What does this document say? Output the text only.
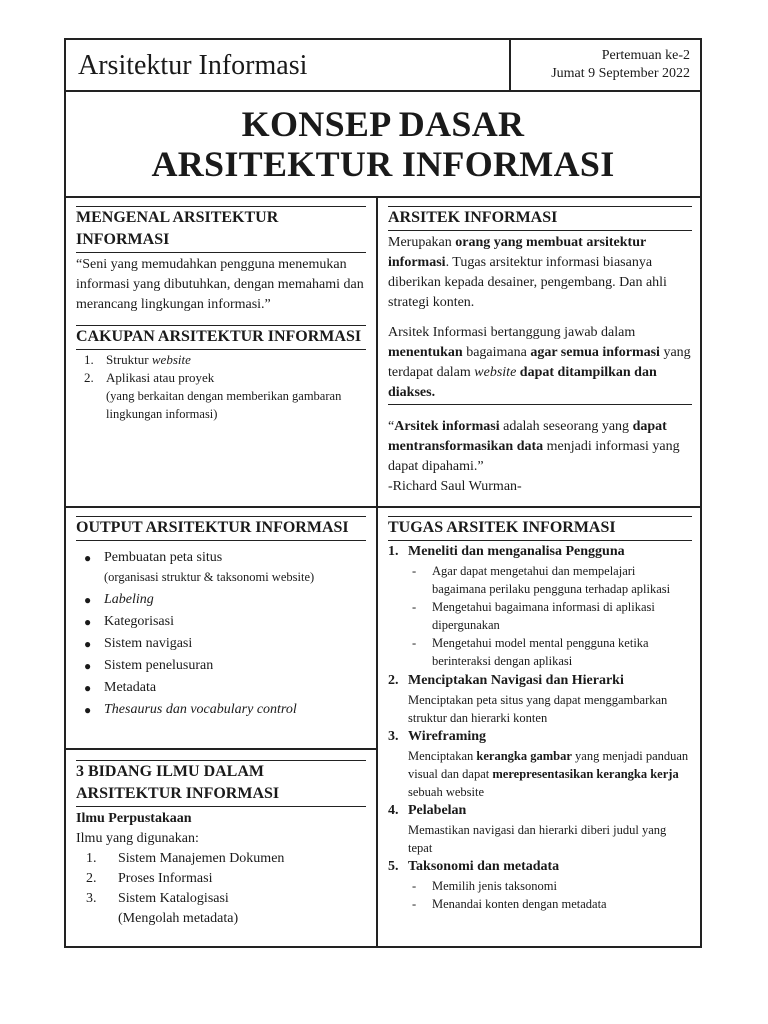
Arsitektur Informasi	Pertemuan ke-2
Jumat 9 September 2022
KONSEP DASAR ARSITEKTUR INFORMASI
MENGENAL ARSITEKTUR INFORMASI

“Seni yang memudahkan pengguna menemukan informasi yang dibutuhkan, dengan memahami dan merancang lingkungan informasi.”

CAKUPAN ARSITEKTUR INFORMASI
1. Struktur website
2. Aplikasi atau proyek
(yang berkaitan dengan memberikan gambaran lingkungan informasi)
ARSITEK INFORMASI

Merupakan orang yang membuat arsitektur informasi. Tugas arsitektur informasi biasanya diberikan kepada desainer, pengembang. Dan ahli strategi konten.

Arsitek Informasi bertanggung jawab dalam menentukan bagaimana agar semua informasi yang terdapat dalam website dapat ditampilkan dan diakses.

“Arsitek informasi adalah seseorang yang dapat mentransformasikan data menjadi informasi yang dapat dipahami.”

-Richard Saul Wurman-

OUTPUT ARSITEKTUR INFORMASI
● Pembuatan peta situs
(organisasi struktur & taksonomi website)
● Labeling
● Kategorisasi
● Sistem navigasi
● Sistem penelusuran
● Metadata
● Thesaurus dan vocabulary control
3 BIDANG ILMU DALAM ARSITEKTUR INFORMASI
Ilmu Perpustakaan
Ilmu yang digunakan:
1. Sistem Manajemen Dokumen
2. Proses Informasi
3. Sistem Katalogisasi
(Mengolah metadata)
TUGAS ARSITEK INFORMASI
1. Meneliti dan menganalisa Pengguna
- Agar dapat mengetahui dan mempelajari bagaimana perilaku pengguna terhadap aplikasi
- Mengetahui bagaimana informasi di aplikasi dipergunakan
- Mengetahui model mental pengguna ketika berinteraksi dengan aplikasi
2. Menciptakan Navigasi dan Hierarki
Menciptakan peta situs yang dapat menggambarkan struktur dan hierarki konten
3. Wireframing
Menciptakan kerangka gambar yang menjadi panduan visual dan dapat merepresentasikan kerangka kerja sebuah website
4. Pelabelan
Memastikan navigasi dan hierarki diberi judul yang tepat
5. Taksonomi dan metadata
- Memilih jenis taksonomi
- Menandai konten dengan metadata
